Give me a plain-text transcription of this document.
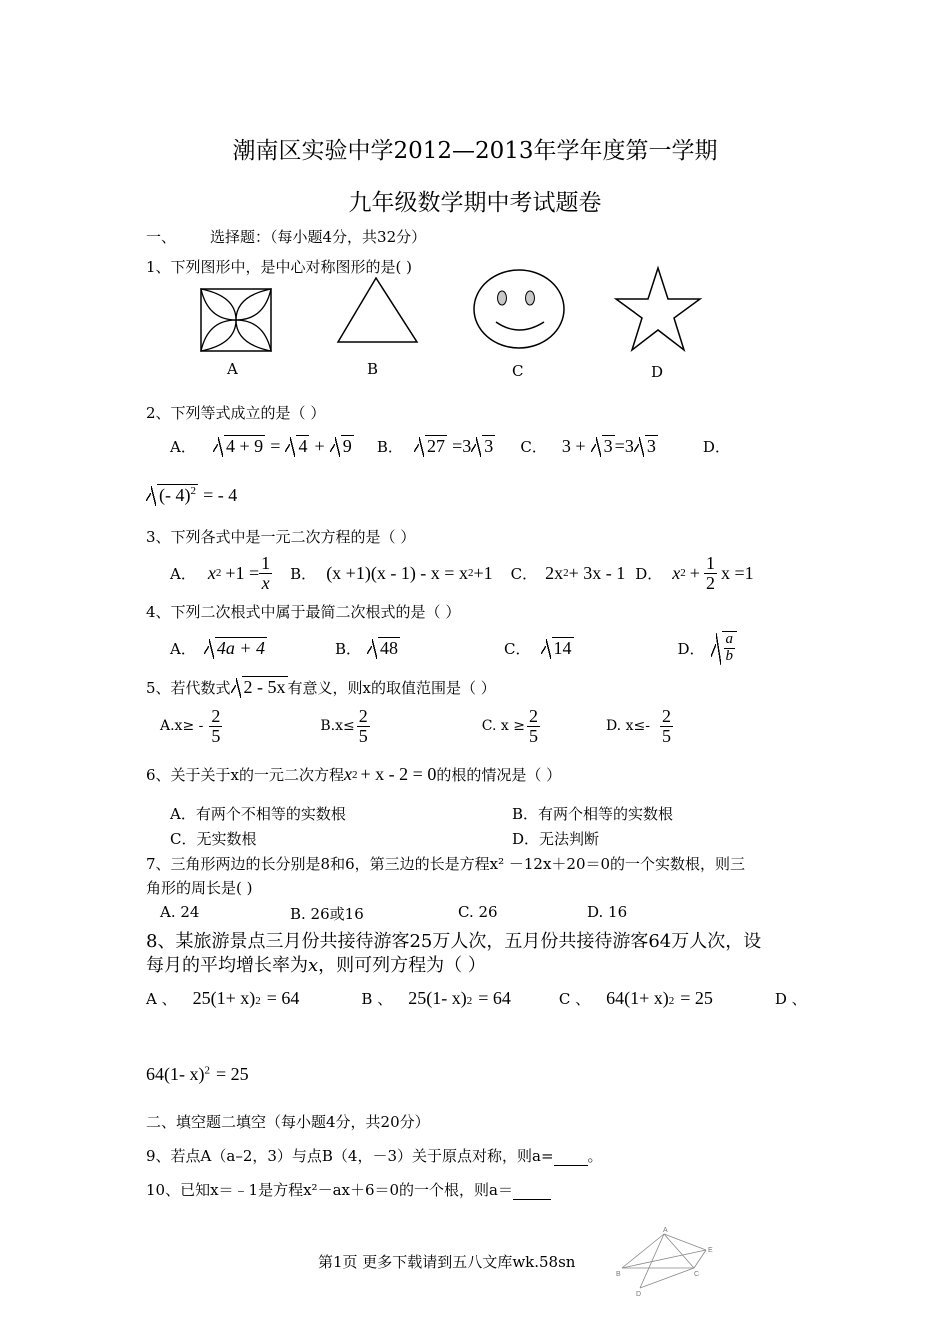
潮南区实验中学2012—2013年学年度第一学期
九年级数学期中考试题卷
一、 选择题：（每小题4分，共32分）
1、下列图形中，是中心对称图形的是( )
A	B	C	D
2、下列等式成立的是（ ）
A． 4 + 9 = 4 + 9 B． 27 =3 3 C． 3 + 3 =3 3	D．
(- 4)$^2$ = - 4
3、下列各式中是一元二次方程的是（ ）
A． x $2 +1 = \frac{1}{x}$ B． (x +1)(x - 1) - x = x 2 +1 C． 2x 2 + 3x - 1 D． x $2 + \frac{1}{2}$ x =1
4、下列二次根式中属于最简二次根式的是（ ）
A．	4a + 4	B．	48	C．	14	D． $\frac{a}{b}$
5、若代数式 2 - 5x 有意义，则x的取值范围是（ ）
$A.x\ge - \frac{2}{5}$	$B.x\le \frac{2}{5}$	C. $x \ge \frac{2}{5}$	D. $x\le- \frac{2}{5}$
6、关于关于x的一元二次方程 x 2 + x - 2 = 0 的根的情况是（ ）
A．有两个不相等的实数根	B．有两个相等的实数根
C．无实数根	D．无法判断
7、三角形两边的长分别是8和6，第三边的长是方程x² －12x＋20＝0的一个实数根，则三
角形的周长是( )
A. 24	B. 26或16	C. 26	D. 16
8、某旅游景点三月份共接待游客25万人次，五月份共接待游客64万人次，设
每月的平均增长率为x，则可列方程为（ ）
A 、 25(1+ x) 2 = 64	B 、 25(1- x) 2 = 64	C 、 64(1+ x) 2 = 25	D 、
64(1- x)$^2$ = 25
二、填空题二填空（每小题4分，共20分）
9、若点A（a–2，3）与点B（4，－3）关于原点对称，则a= 。
10、已知x＝﹣1是方程x²－ax＋6＝0的一个根，则a＝
第1页 更多下载请到五八文库wk.58sn
A
E
B	C
D
